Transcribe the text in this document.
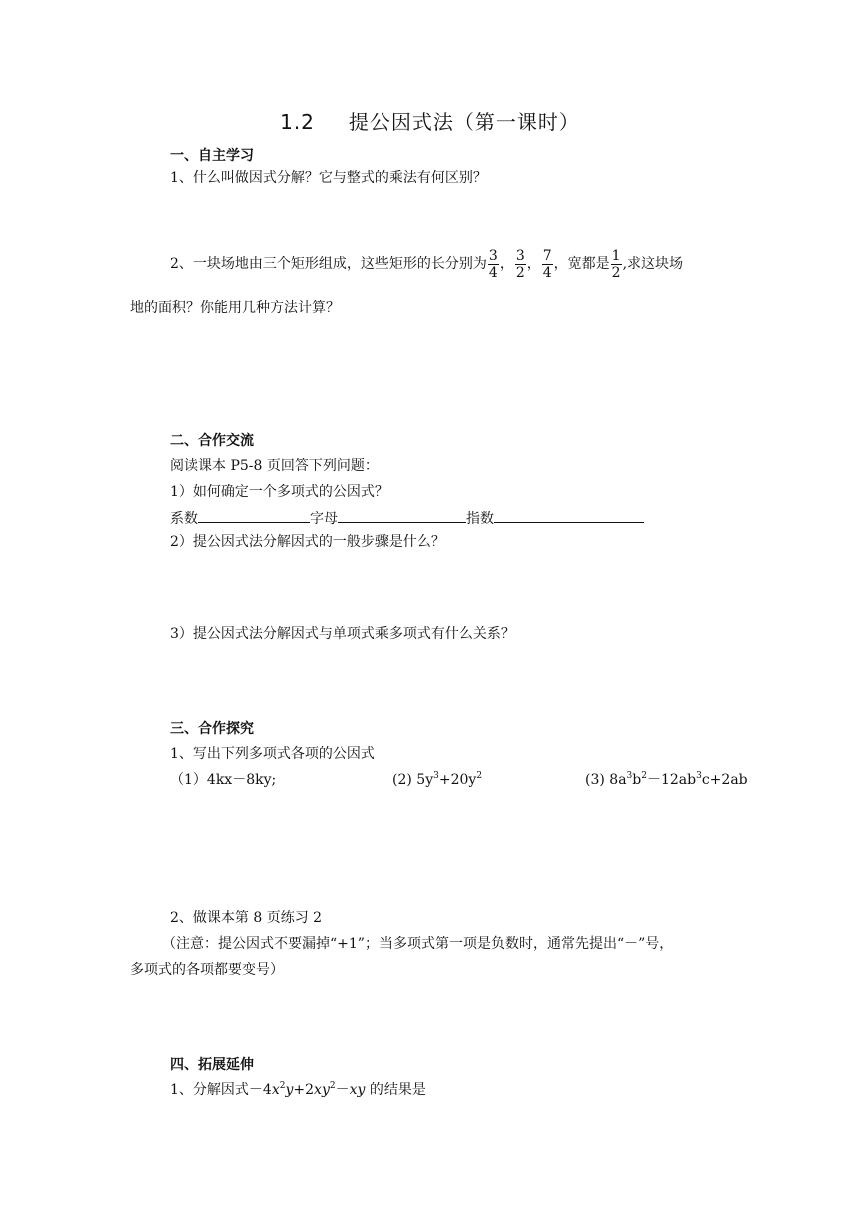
1.2 提公因式法（第一课时）
一、自主学习
1、什么叫做因式分解？它与整式的乘法有何区别？
2、一块场地由三个矩形组成，这些矩形的长分别为 $\frac{3}{4}$ ， $\frac{3}{2}$ ， $\frac{7}{4}$ ，宽都是 $\frac{1}{2}$ ,求这块场
地的面积？你能用几种方法计算？
二、合作交流
阅读课本 P5-8 页回答下列问题：
1）如何确定一个多项式的公因式？
系数	字母	指数
2）提公因式法分解因式的一般步骤是什么？
3）提公因式法分解因式与单项式乘多项式有什么关系？
三、合作探究
1、写出下列多项式各项的公因式
（1）4kx－8ky;	(2) $5y^3+20y^2$	(3) $8a^3b^2-12ab^3c+2ab$
2、做课本第 8 页练习 2
（注意：提公因式不要漏掉“+1”；当多项式第一项是负数时，通常先提出“－”号，
多项式的各项都要变号）
四、拓展延伸
1、分解因式$-4x^2y+2xy^2-xy$ 的结果是
